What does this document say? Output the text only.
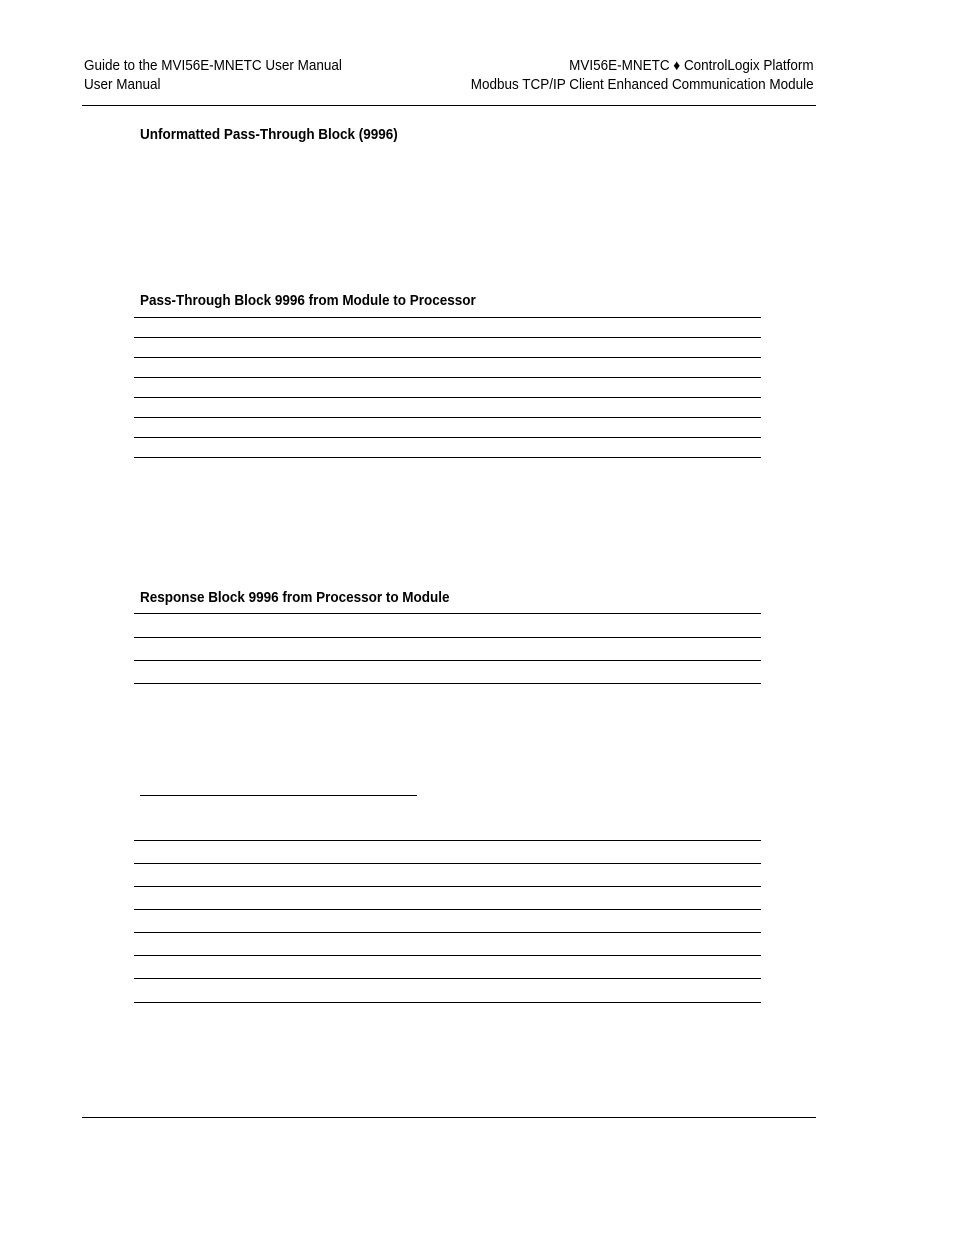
Guide to the MVI56E-MNETC User Manual
User Manual
MVI56E-MNETC ♦ ControlLogix Platform
Modbus TCP/IP Client Enhanced Communication Module
Unformatted Pass-Through Block (9996)
Pass-Through Block 9996 from Module to Processor
Response Block 9996 from Processor to Module
